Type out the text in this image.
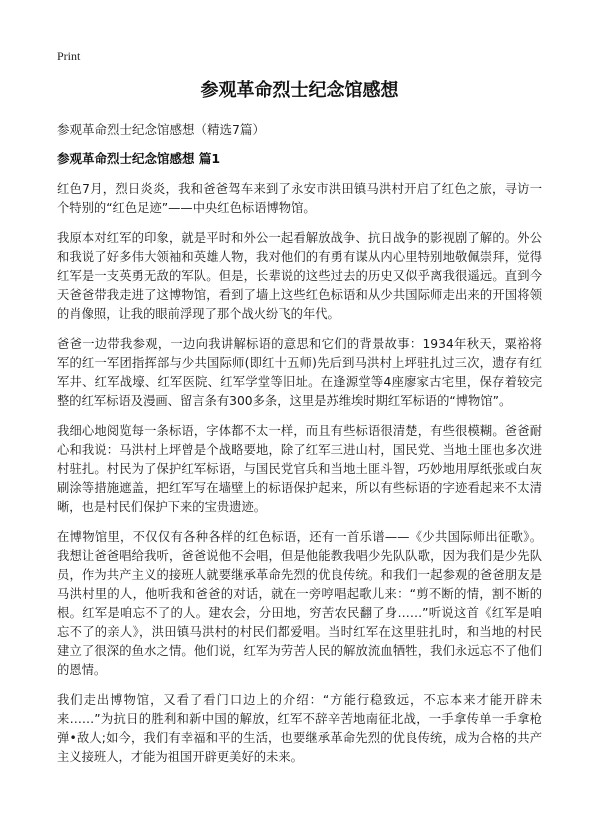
Print

参观革命烈士纪念馆感想

参观革命烈士纪念馆感想（精选7篇）

参观革命烈士纪念馆感想 篇1

红色7月，烈日炎炎，我和爸爸驾车来到了永安市洪田镇马洪村开启了红色之旅，寻访一个特别的“红色足迹”——中央红色标语博物馆。

我原本对红军的印象，就是平时和外公一起看解放战争、抗日战争的影视剧了解的。外公和我说了好多伟大领袖和英雄人物，我对他们的有勇有谋从内心里特别地敬佩崇拜，觉得红军是一支英勇无敌的军队。但是，长辈说的这些过去的历史又似乎离我很遥远。直到今天爸爸带我走进了这博物馆，看到了墙上这些红色标语和从少共国际师走出来的开国将领的肖像照，让我的眼前浮现了那个战火纷飞的年代。

爸爸一边带我参观，一边向我讲解标语的意思和它们的背景故事：1934年秋天，粟裕将军的红一军团指挥部与少共国际师(即红十五师)先后到马洪村上坪驻扎过三次，遗存有红军井、红军战壕、红军医院、红军学堂等旧址。在逢源堂等4座廖家古宅里，保存着较完整的红军标语及漫画、留言条有300多条，这里是苏维埃时期红军标语的“博物馆”。

我细心地阅览每一条标语，字体都不太一样，而且有些标语很清楚，有些很模糊。爸爸耐心和我说：马洪村上坪曾是个战略要地，除了红军三进山村，国民党、当地土匪也多次进村驻扎。村民为了保护红军标语，与国民党官兵和当地土匪斗智，巧妙地用厚纸张或白灰刷涂等措施遮盖，把红军写在墙壁上的标语保护起来，所以有些标语的字迹看起来不太清晰，也是村民们保护下来的宝贵遗迹。

在博物馆里，不仅仅有各种各样的红色标语，还有一首乐谱——《少共国际师出征歌》。我想让爸爸唱给我听，爸爸说他不会唱，但是他能教我唱少先队队歌，因为我们是少先队员，作为共产主义的接班人就要继承革命先烈的优良传统。和我们一起参观的爸爸朋友是马洪村里的人，他听我和爸爸的对话，就在一旁哼唱起歌儿来：“剪不断的情，割不断的根。红军是咱忘不了的人。建农会，分田地，穷苦农民翻了身……”听说这首《红军是咱忘不了的亲人》，洪田镇马洪村的村民们都爱唱。当时红军在这里驻扎时，和当地的村民建立了很深的鱼水之情。他们说，红军为劳苦人民的解放流血牺牲，我们永远忘不了他们的恩情。

我们走出博物馆，又看了看门口边上的介绍：“方能行稳致远，不忘本来才能开辟未来……”为抗日的胜利和新中国的解放，红军不辞辛苦地南征北战，一手拿传单一手拿枪弹•敌人;如今，我们有幸福和平的生活，也要继承革命先烈的优良传统，成为合格的共产主义接班人，才能为祖国开辟更美好的未来。
